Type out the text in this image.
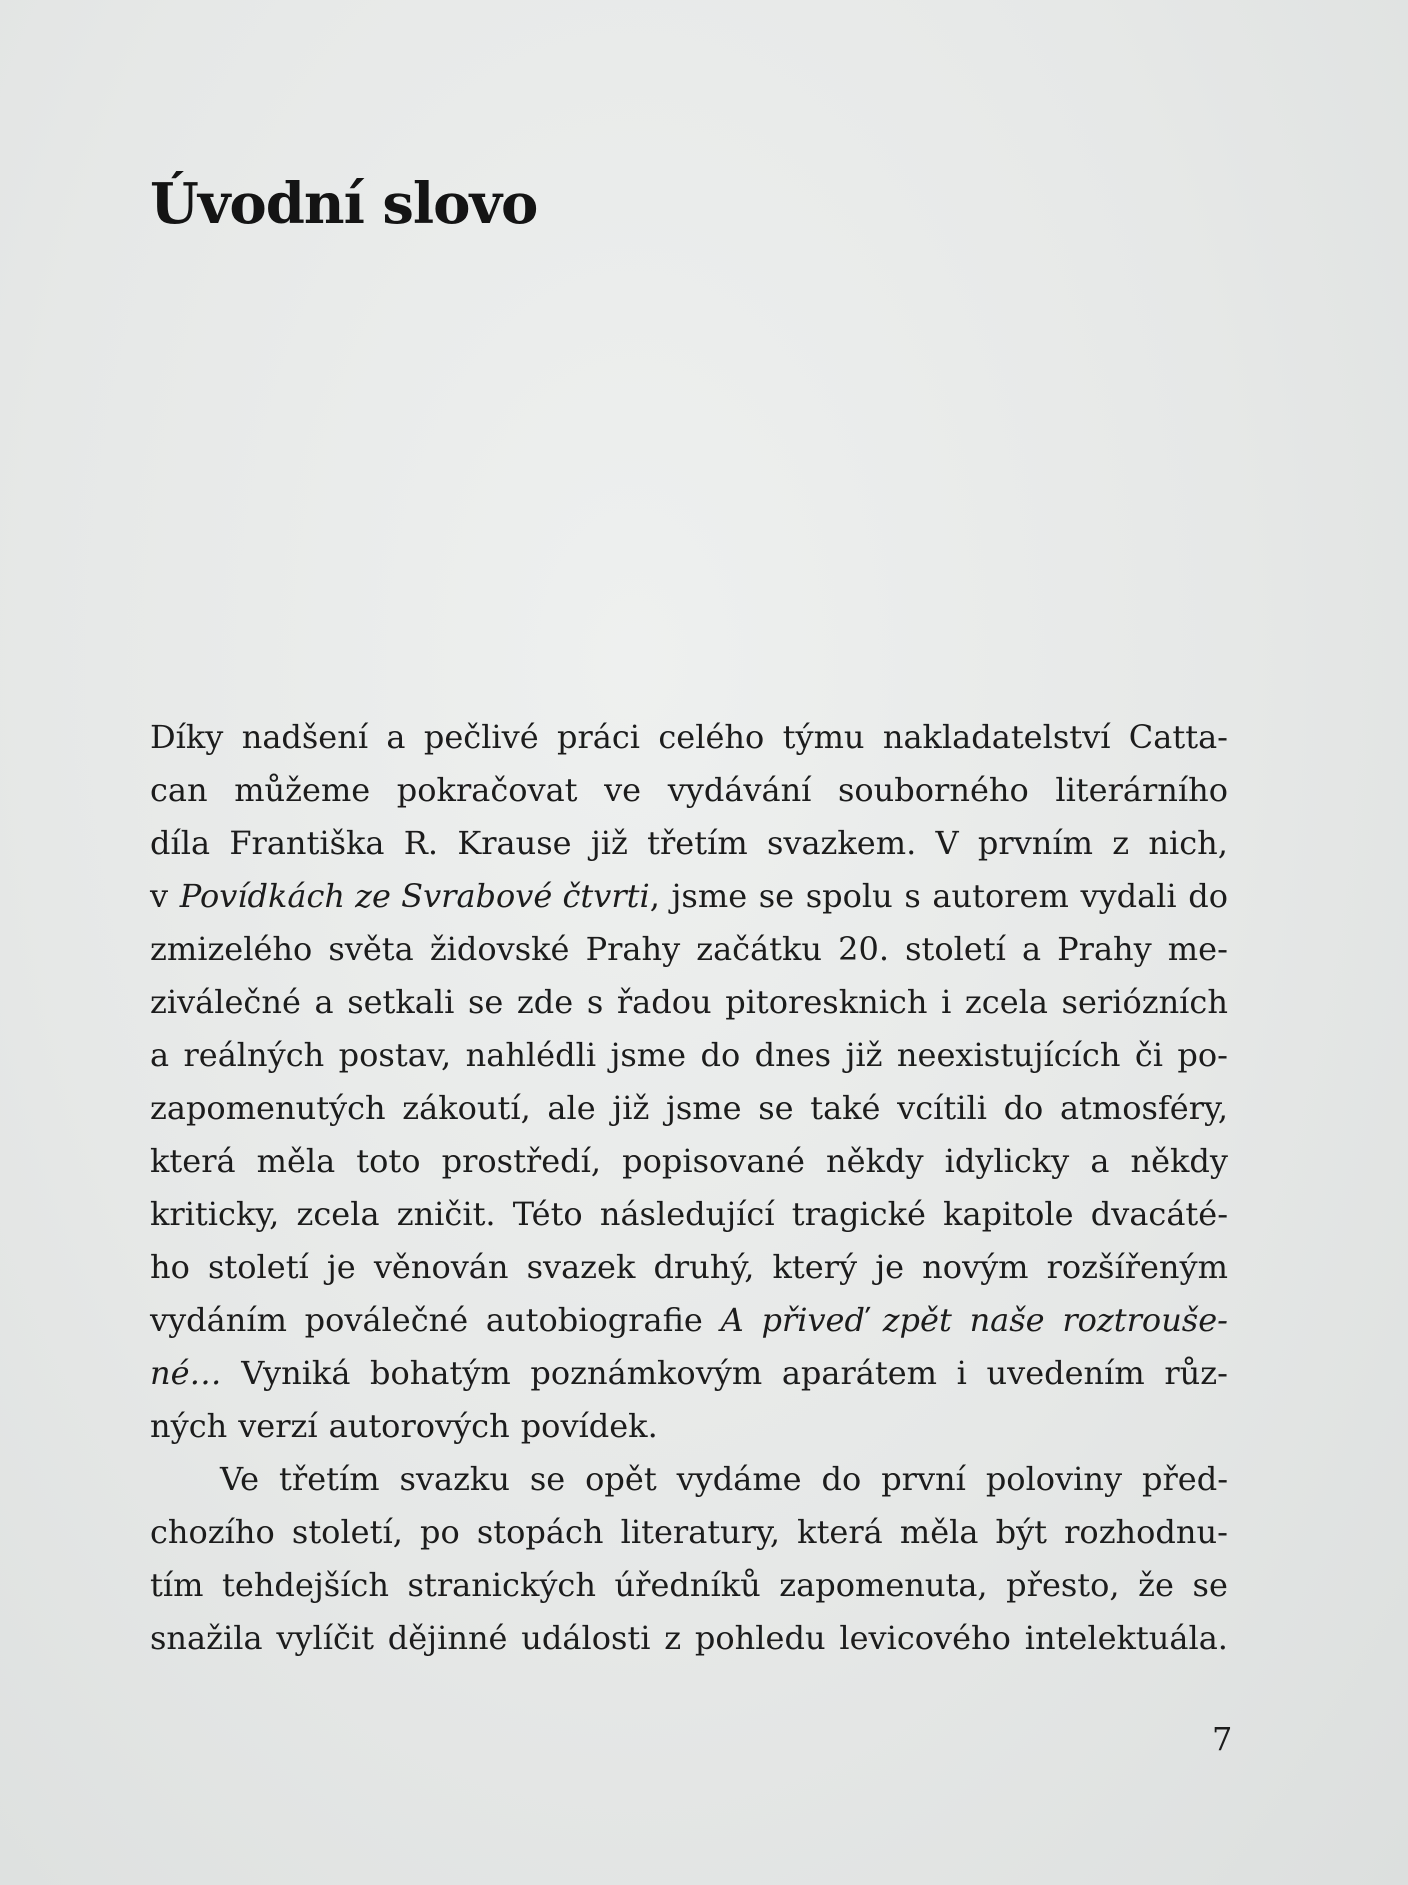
Úvodní slovo
Díky nadšení a pečlivé práci celého týmu nakladatelství Catta-
can můžeme pokračovat ve vydávání souborného literárního
díla Františka R. Krause již třetím svazkem. V prvním z nich,
v Povídkách ze Svrabové čtvrti, jsme se spolu s autorem vydali do
zmizelého světa židovské Prahy začátku 20. století a Prahy me-
ziválečné a setkali se zde s řadou pitoresknich i zcela seriózních
a reálných postav, nahlédli jsme do dnes již neexistujících či po-
zapomenutých zákoutí, ale již jsme se také vcítili do atmosféry,
která měla toto prostředí, popisované někdy idylicky a někdy
kriticky, zcela zničit. Této následující tragické kapitole dvacáté-
ho století je věnován svazek druhý, který je novým rozšířeným
vydáním poválečné autobiografie A přiveď zpět naše roztrouše-
né… Vyniká bohatým poznámkovým aparátem i uvedením růz-
ných verzí autorových povídek.
Ve třetím svazku se opět vydáme do první poloviny před-
chozího století, po stopách literatury, která měla být rozhodnu-
tím tehdejších stranických úředníků zapomenuta, přesto, že se
snažila vylíčit dějinné události z pohledu levicového intelektuála.
7
